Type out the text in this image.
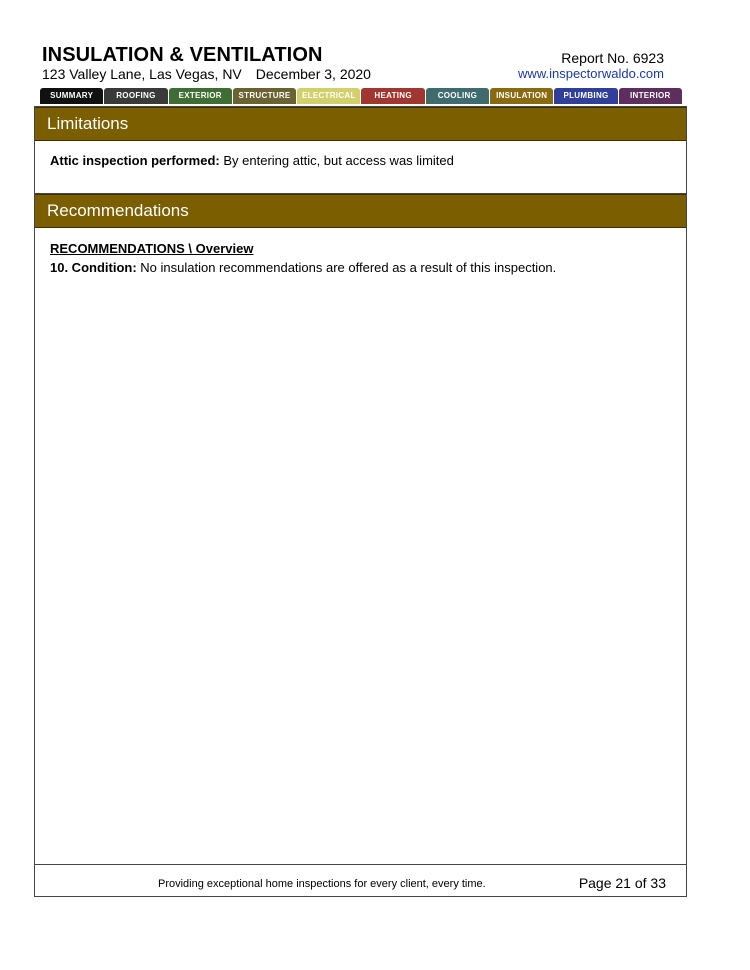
INSULATION & VENTILATION
123 Valley Lane, Las Vegas, NV December 3, 2020
Report No. 6923
www.inspectorwaldo.com
SUMMARY	ROOFING	EXTERIOR	STRUCTURE	ELECTRICAL	HEATING	COOLING	INSULATION	PLUMBING	INTERIOR
Limitations
Attic inspection performed: By entering attic, but access was limited
Recommendations
RECOMMENDATIONS \ Overview
10. Condition: No insulation recommendations are offered as a result of this inspection.
Providing exceptional home inspections for every client, every time.	Page 21 of 33
